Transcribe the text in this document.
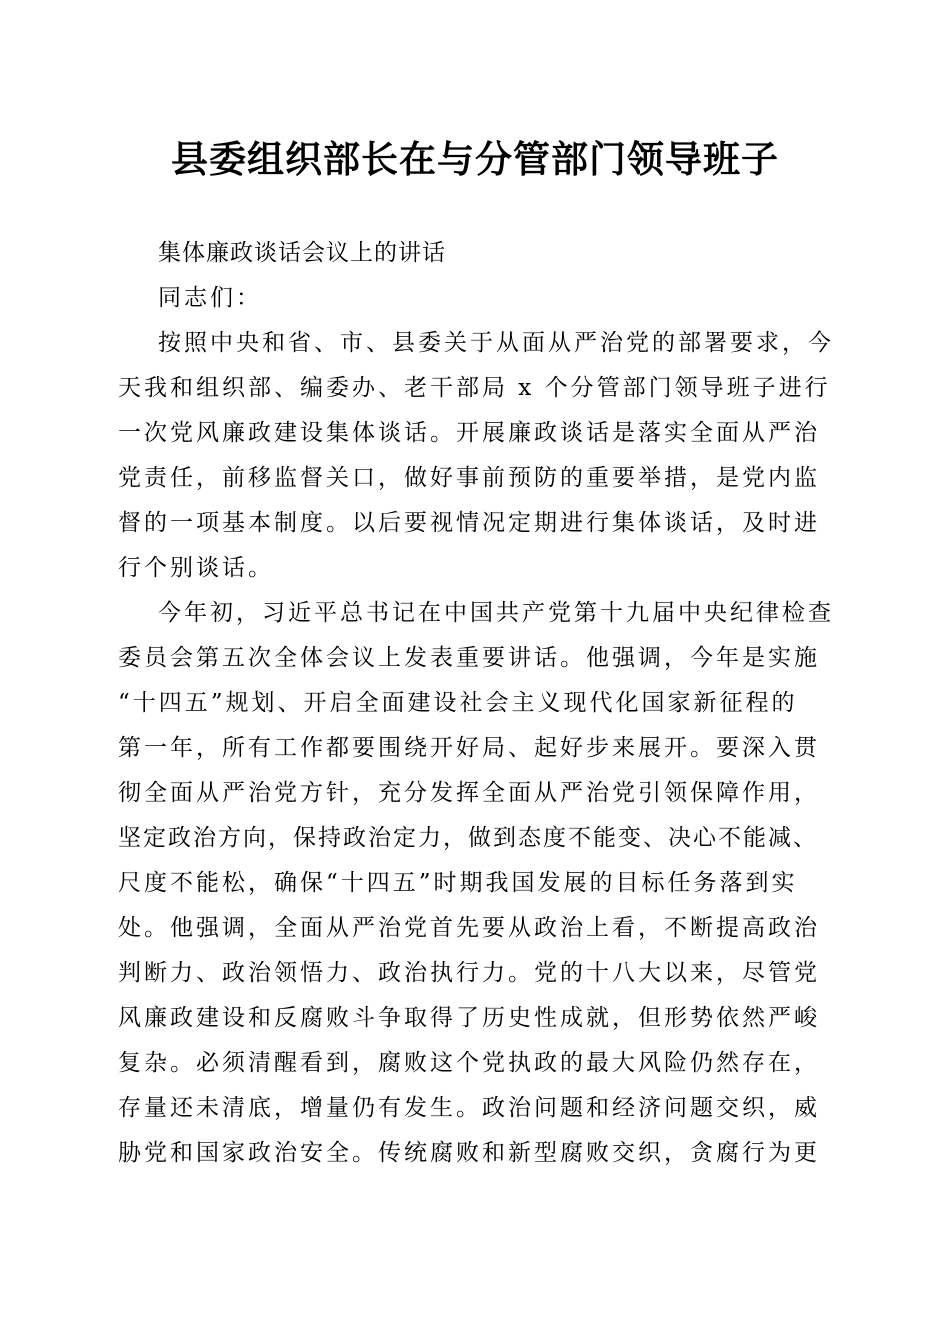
县委组织部长在与分管部门领导班子
集体廉政谈话会议上的讲话
同志们：
按照中央和省、市、县委关于从面从严治党的部署要求，今
天我和组织部、编委办、老干部局 x 个分管部门领导班子进行
一次党风廉政建设集体谈话。开展廉政谈话是落实全面从严治
党责任，前移监督关口，做好事前预防的重要举措，是党内监
督的一项基本制度。以后要视情况定期进行集体谈话，及时进
行个别谈话。
今年初，习近平总书记在中国共产党第十九届中央纪律检查
委员会第五次全体会议上发表重要讲话。他强调，今年是实施
“十四五”规划、开启全面建设社会主义现代化国家新征程的
第一年，所有工作都要围绕开好局、起好步来展开。要深入贯
彻全面从严治党方针，充分发挥全面从严治党引领保障作用，
坚定政治方向，保持政治定力，做到态度不能变、决心不能减、
尺度不能松，确保“十四五”时期我国发展的目标任务落到实
处。他强调，全面从严治党首先要从政治上看，不断提高政治
判断力、政治领悟力、政治执行力。党的十八大以来，尽管党
风廉政建设和反腐败斗争取得了历史性成就，但形势依然严峻
复杂。必须清醒看到，腐败这个党执政的最大风险仍然存在，
存量还未清底，增量仍有发生。政治问题和经济问题交织，威
胁党和国家政治安全。传统腐败和新型腐败交织，贪腐行为更
